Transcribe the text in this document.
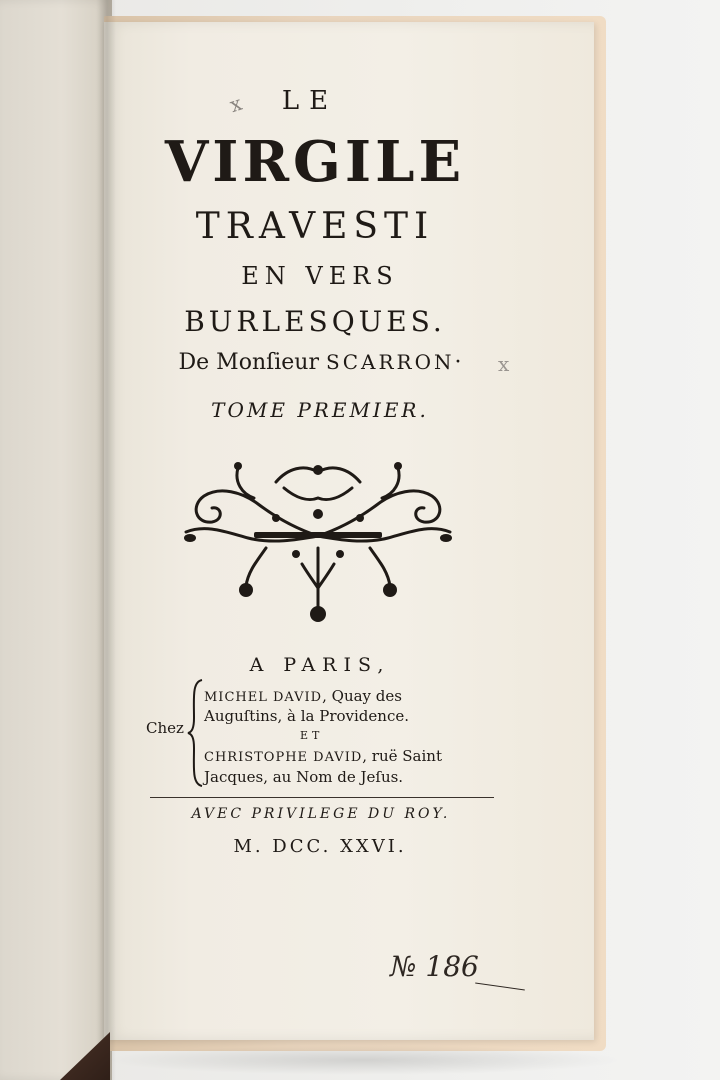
x	LE
VIRGILE
TRAVESTI
EN VERS
BURLESQUES.
De Monſieur SCARRON·	x
TOME PREMIER.
A PARIS,
Chez
MICHEL DAVID, Quay des
Auguſtins, à la Providence.
ET
CHRISTOPHE DAVID, ruë Saint
Jacques, au Nom de Jeſus.
AVEC PRIVILEGE DU ROY.
M. DCC. XXVI.
№ 186
